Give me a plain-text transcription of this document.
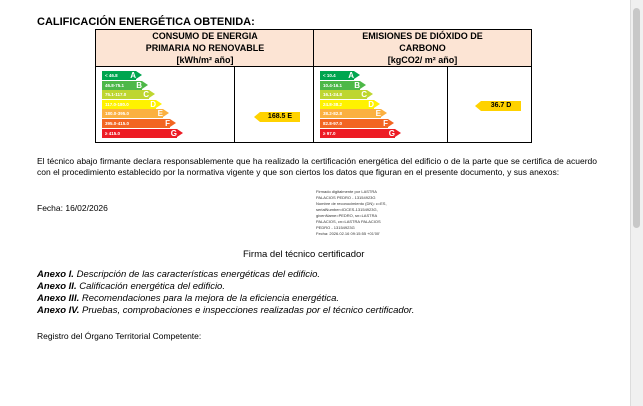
CALIFICACIÓN ENERGÉTICA OBTENIDA:
CONSUMO DE ENERGIA
PRIMARIA NO RENOVABLE
[kWh/m² año]
EMISIONES DE DIÓXIDO DE
CARBONO
[kgCO2/ m² año]
< 46.8 A
46.8-75.1 B
75.1-117.0 C
117.0-180.0	D
180.0-395.0	E
395.0-415.0	F
≥ 415.0	G
< 10.4 A
10.4-16.1 B
16.1-24.8 C
24.8-38.2	D
38.2-82.8	E
82.8-97.0	F
≥ 97.0	G
168.5 E
36.7 D
El técnico abajo firmante declara responsablemente que ha realizado la certificación energética del edificio o de la parte que se certifica de acuerdo con el procedimiento establecido por la normativa vigente y que son ciertos los datos que figuran en el presente documento, y sus anexos:
Fecha: 16/02/2026
Firmado digitalmente por LASTRA
PALACIOS PEDRO - 13154923G
Nombre de reconocimiento (DN): c=ES,
serialNumber=IDCES-13154923G,
givenName=PEDRO, sn=LASTRA
PALACIOS, cn=LASTRA PALACIOS
PEDRO - 13154923G
Fecha: 2026.02.16 09:15:55 +01'00'
Firma del técnico certificador
Anexo I. Descripción de las características energéticas del edificio.
Anexo II. Calificación energética del edificio.
Anexo III. Recomendaciones para la mejora de la eficiencia energética.
Anexo IV. Pruebas, comprobaciones e inspecciones realizadas por el técnico certificador.
Registro del Órgano Territorial Competente:
